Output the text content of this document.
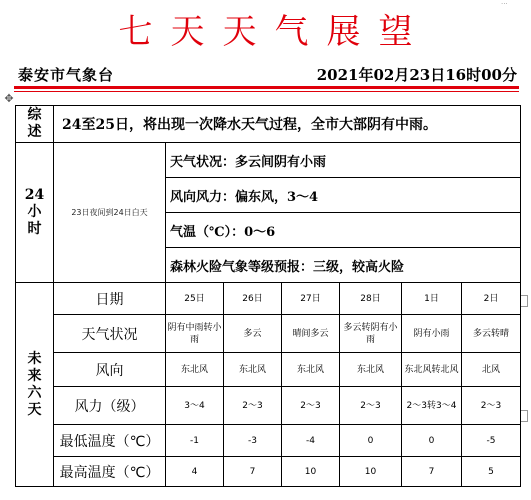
···
七天天气展望
泰安市气象台	2021年02月23日16时00分
✥
综
述	24至25日，将出现一次降水天气过程，全市大部阴有中雨。						
24
小
时	23日夜间到24日白天	天气状况：多云间阴有小雨					
		风向风力：偏东风，3～4					
		气温（℃）：0～6					
		森林火险气象等级预报：三级，较高火险					
未
来
六
天	日期	25日	26日	27日	28日	1日	2日
	天气状况	阴有中雨转小雨	多云	晴间多云	多云转阴有小雨	阴有小雨	多云转晴
	风向	东北风	东北风	东北风	东北风	东北风转北风	北风
	风力（级）	3～4	2～3	2～3	2～3	2～3转3～4	2～3
	最低温度（℃）	-1	-3	-4	0	0	-5
	最高温度（℃）	4	7	10	10	7	5
